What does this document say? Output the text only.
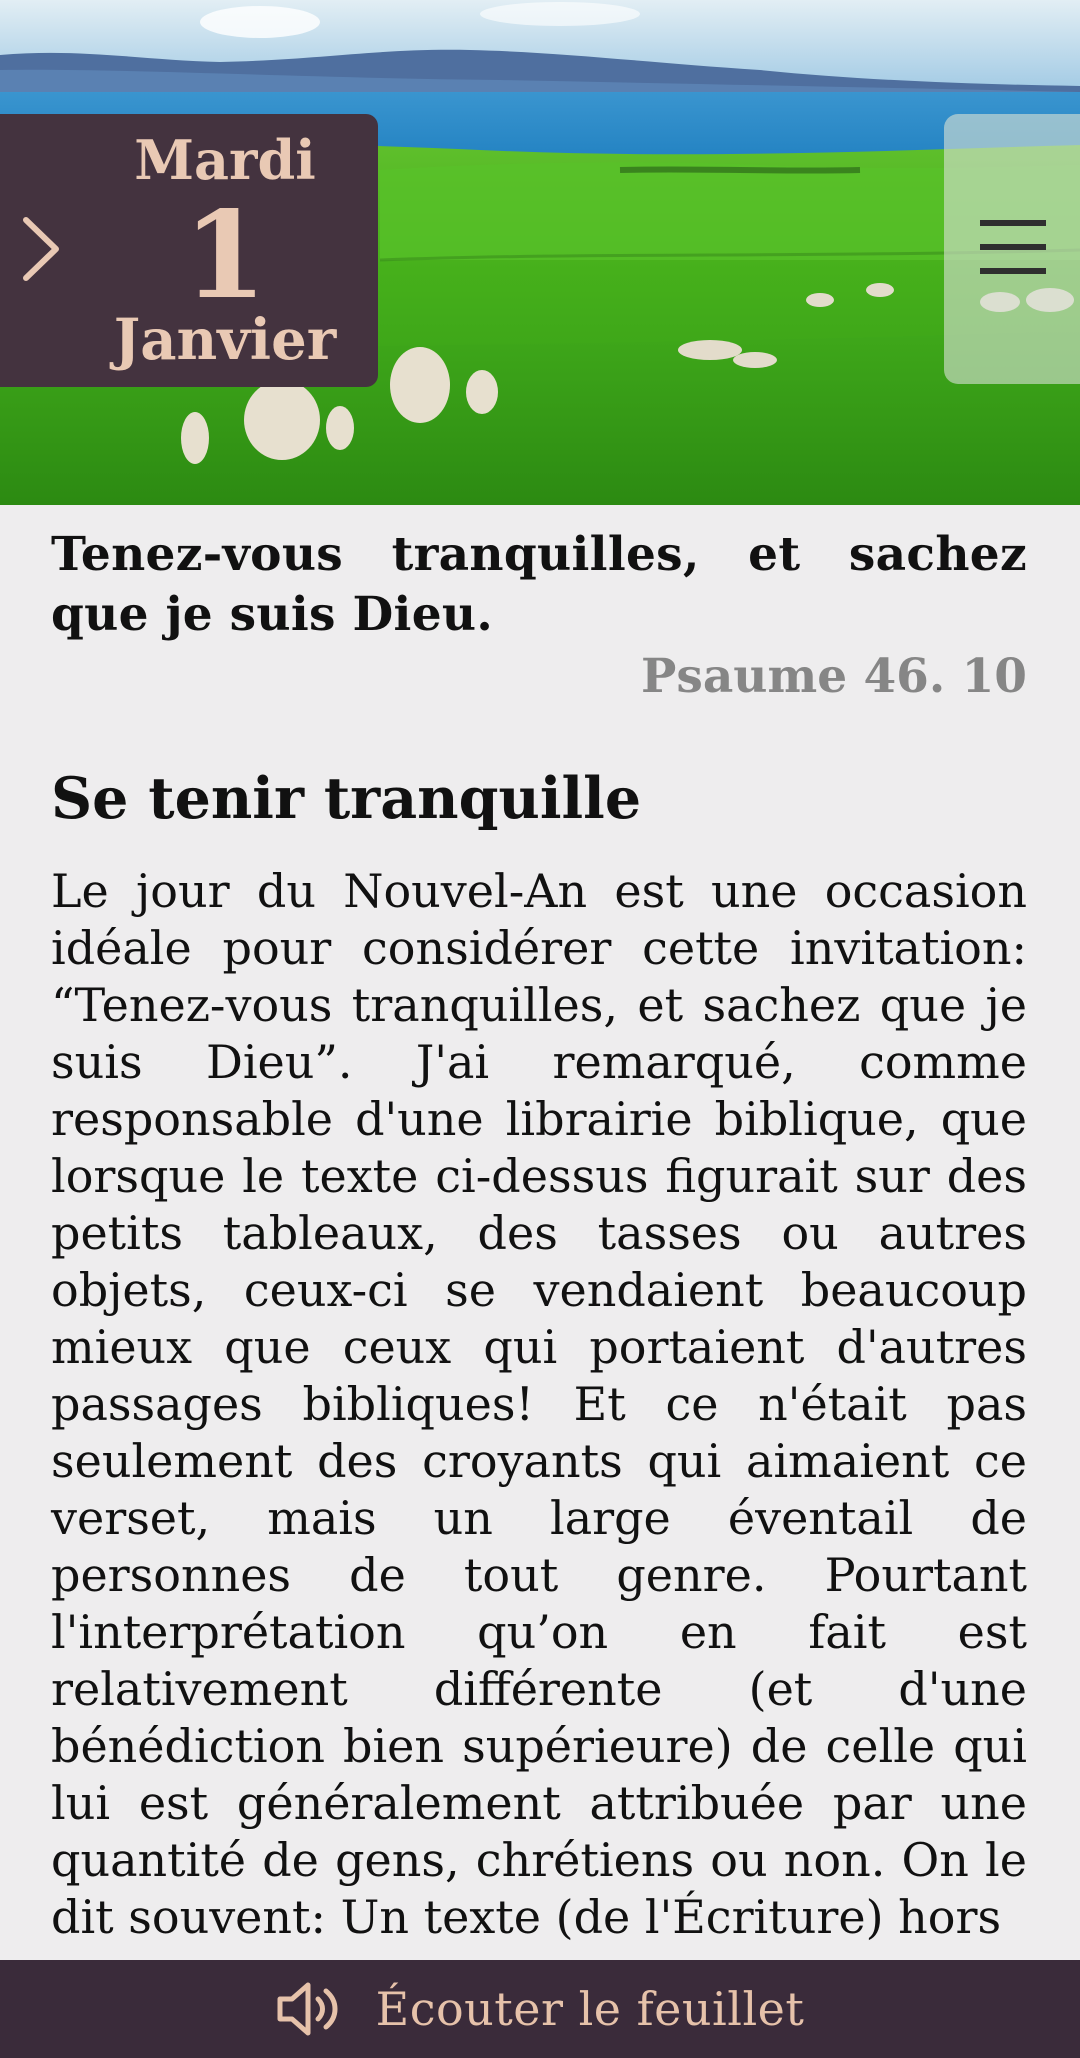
Mardi
1
Janvier

Tenez-vous tranquilles, et sachez que je suis Dieu.

Psaume 46. 10
Se tenir tranquille
Le jour du Nouvel-An est une occasion idéale pour considérer cette invitation: “Tenez-vous tranquilles, et sachez que je suis Dieu”. J'ai remarqué, comme responsable d'une librairie biblique, que lorsque le texte ci-dessus figurait sur des petits tableaux, des tasses ou autres objets, ceux-ci se vendaient beaucoup mieux que ceux qui portaient d'autres passages bibliques! Et ce n'était pas seulement des croyants qui aimaient ce verset, mais un large éventail de personnes de tout genre. Pourtant l'interprétation qu’on en fait est relativement différente (et d'une bénédiction bien supérieure) de celle qui lui est généralement attribuée par une quantité de gens, chrétiens ou non. On le dit souvent: Un texte (de l'Écriture) hors
Écouter le feuillet
